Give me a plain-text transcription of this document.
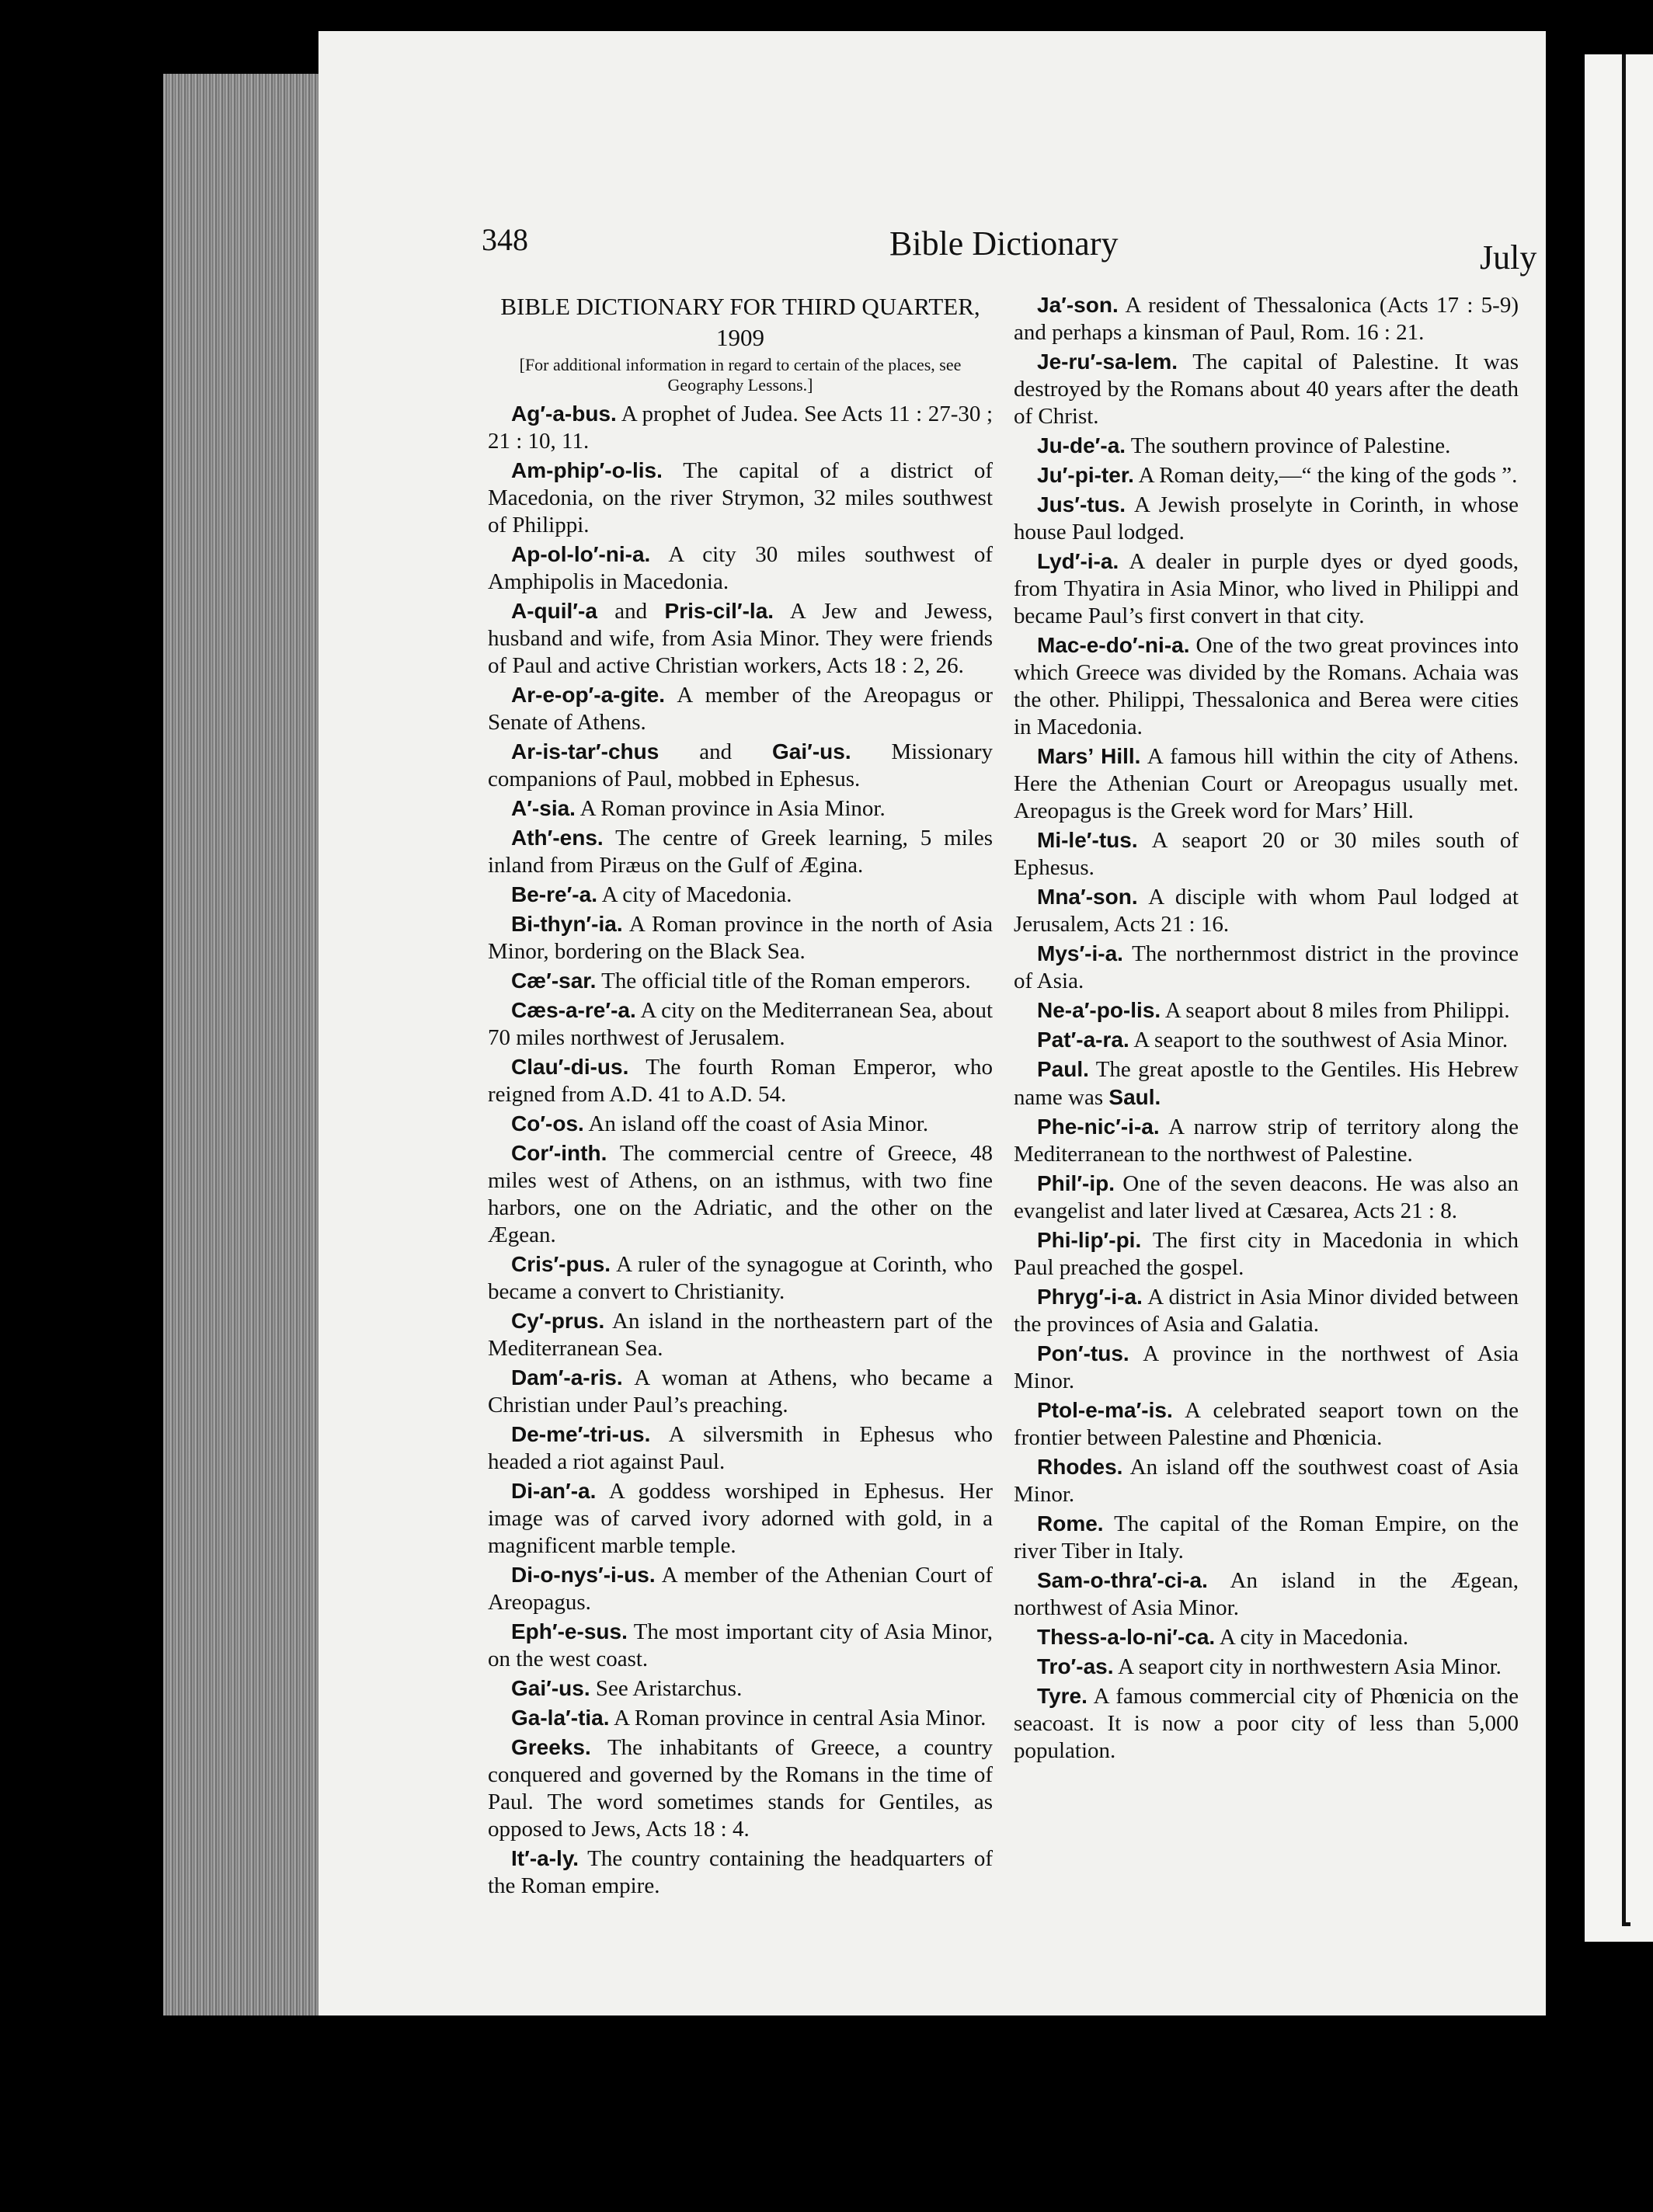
348	Bible Dictionary	July
BIBLE DICTIONARY FOR THIRD QUARTER, 1909
[For additional information in regard to certain of the places, see Geography Lessons.]
Ag′-a-bus. A prophet of Judea. See Acts 11 : 27-30 ; 21 : 10, 11.
Am-phip′-o-lis. The capital of a district of Macedonia, on the river Strymon, 32 miles southwest of Philippi.
Ap-ol-lo′-ni-a. A city 30 miles southwest of Amphipolis in Macedonia.
A-quil′-a and Pris-cil′-la. A Jew and Jewess, husband and wife, from Asia Minor. They were friends of Paul and active Christian workers, Acts 18 : 2, 26.
Ar-e-op′-a-gite. A member of the Areopagus or Senate of Athens.
Ar-is-tar′-chus and Gai′-us. Missionary companions of Paul, mobbed in Ephesus.
A′-sia. A Roman province in Asia Minor.
Ath′-ens. The centre of Greek learning, 5 miles inland from Piræus on the Gulf of Ægina.
Be-re′-a. A city of Macedonia.
Bi-thyn′-ia. A Roman province in the north of Asia Minor, bordering on the Black Sea.
Cæ′-sar. The official title of the Roman emperors.
Cæs-a-re′-a. A city on the Mediterranean Sea, about 70 miles northwest of Jerusalem.
Clau′-di-us. The fourth Roman Emperor, who reigned from A.D. 41 to A.D. 54.
Co′-os. An island off the coast of Asia Minor.
Cor′-inth. The commercial centre of Greece, 48 miles west of Athens, on an isthmus, with two fine harbors, one on the Adriatic, and the other on the Ægean.
Cris′-pus. A ruler of the synagogue at Corinth, who became a convert to Christianity.
Cy′-prus. An island in the northeastern part of the Mediterranean Sea.
Dam′-a-ris. A woman at Athens, who became a Christian under Paul’s preaching.
De-me′-tri-us. A silversmith in Ephesus who headed a riot against Paul.
Di-an′-a. A goddess worshiped in Ephesus. Her image was of carved ivory adorned with gold, in a magnificent marble temple.
Di-o-nys′-i-us. A member of the Athenian Court of Areopagus.
Eph′-e-sus. The most important city of Asia Minor, on the west coast.
Gai′-us. See Aristarchus.
Ga-la′-tia. A Roman province in central Asia Minor.
Greeks. The inhabitants of Greece, a country conquered and governed by the Romans in the time of Paul. The word sometimes stands for Gentiles, as opposed to Jews, Acts 18 : 4.
It′-a-ly. The country containing the headquarters of the Roman empire.
Ja′-son. A resident of Thessalonica (Acts 17 : 5-9) and perhaps a kinsman of Paul, Rom. 16 : 21.
Je-ru′-sa-lem. The capital of Palestine. It was destroyed by the Romans about 40 years after the death of Christ.
Ju-de′-a. The southern province of Palestine.
Ju′-pi-ter. A Roman deity,—“ the king of the gods ”.
Jus′-tus. A Jewish proselyte in Corinth, in whose house Paul lodged.
Lyd′-i-a. A dealer in purple dyes or dyed goods, from Thyatira in Asia Minor, who lived in Philippi and became Paul’s first convert in that city.
Mac-e-do′-ni-a. One of the two great provinces into which Greece was divided by the Romans. Achaia was the other. Philippi, Thessalonica and Berea were cities in Macedonia.
Mars’ Hill. A famous hill within the city of Athens. Here the Athenian Court or Areopagus usually met. Areopagus is the Greek word for Mars’ Hill.
Mi-le′-tus. A seaport 20 or 30 miles south of Ephesus.
Mna′-son. A disciple with whom Paul lodged at Jerusalem, Acts 21 : 16.
Mys′-i-a. The northernmost district in the province of Asia.
Ne-a′-po-lis. A seaport about 8 miles from Philippi.
Pat′-a-ra. A seaport to the southwest of Asia Minor.
Paul. The great apostle to the Gentiles. His Hebrew name was Saul.
Phe-nic′-i-a. A narrow strip of territory along the Mediterranean to the northwest of Palestine.
Phil′-ip. One of the seven deacons. He was also an evangelist and later lived at Cæsarea, Acts 21 : 8.
Phi-lip′-pi. The first city in Macedonia in which Paul preached the gospel.
Phryg′-i-a. A district in Asia Minor divided between the provinces of Asia and Galatia.
Pon′-tus. A province in the northwest of Asia Minor.
Ptol-e-ma′-is. A celebrated seaport town on the frontier between Palestine and Phœnicia.
Rhodes. An island off the southwest coast of Asia Minor.
Rome. The capital of the Roman Empire, on the river Tiber in Italy.
Sam-o-thra′-ci-a. An island in the Ægean, northwest of Asia Minor.
Thess-a-lo-ni′-ca. A city in Macedonia.
Tro′-as. A seaport city in northwestern Asia Minor.
Tyre. A famous commercial city of Phœnicia on the seacoast. It is now a poor city of less than 5,000 population.
